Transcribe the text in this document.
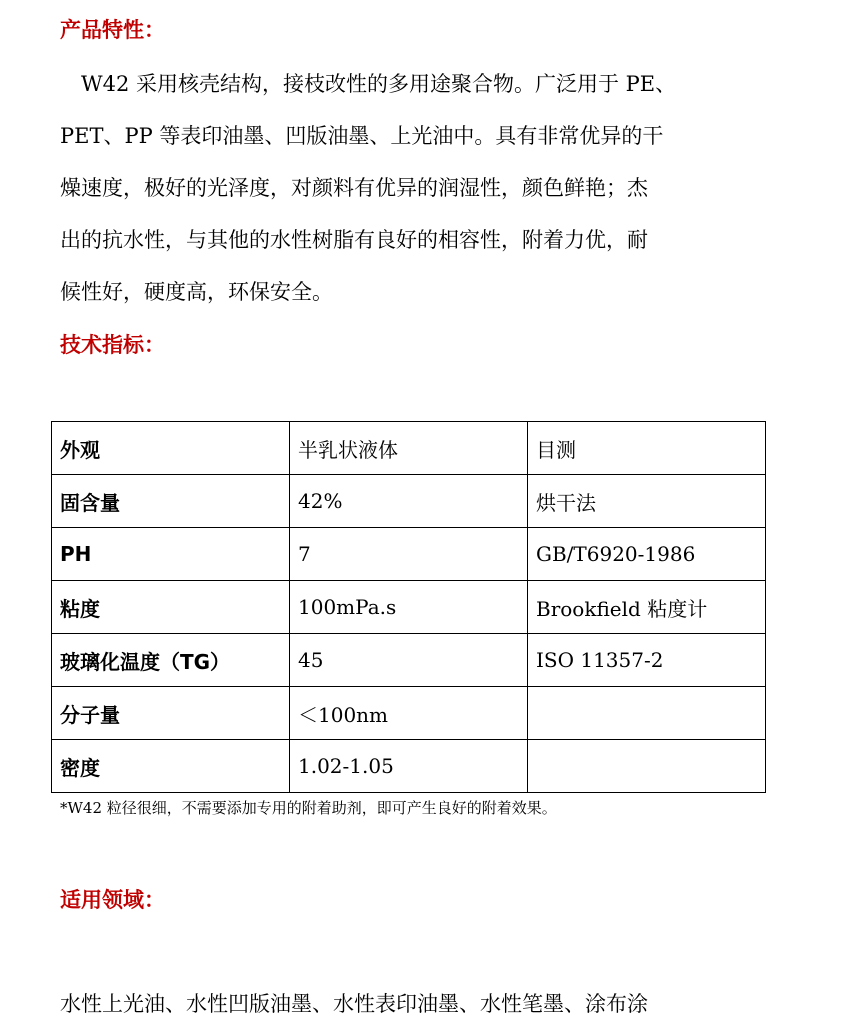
产品特性：
W42 采用核壳结构，接枝改性的多用途聚合物。广泛用于 PE、
PET、PP 等表印油墨、凹版油墨、上光油中。具有非常优异的干
燥速度，极好的光泽度，对颜料有优异的润湿性，颜色鲜艳；杰
出的抗水性，与其他的水性树脂有良好的相容性，附着力优，耐
候性好，硬度高，环保安全。
技术指标：
外观	半乳状液体	目测
固含量	42%	烘干法
PH	7	GB/T6920-1986
粘度	100mPa.s	Brookfield 粘度计
玻璃化温度（TG）	45	ISO 11357-2
分子量	＜100nm	
密度	1.02-1.05	

*W42 粒径很细，不需要添加专用的附着助剂，即可产生良好的附着效果。

适用领域：
水性上光油、水性凹版油墨、水性表印油墨、水性笔墨、涂布涂
